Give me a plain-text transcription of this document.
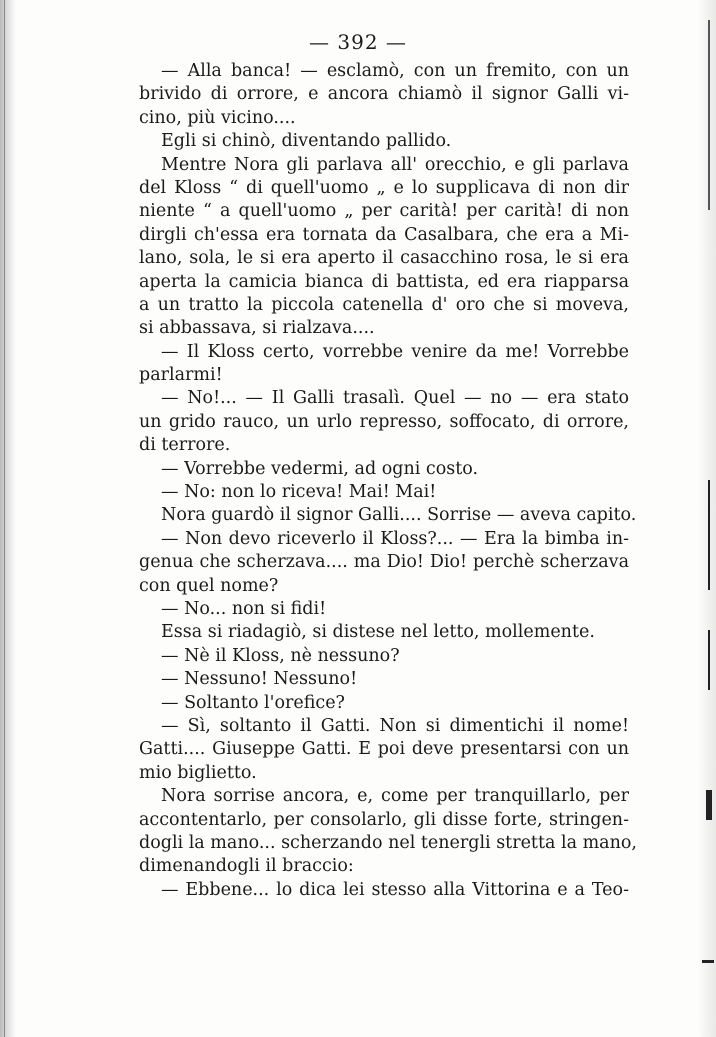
— 392 —
— Alla banca! — esclamò, con un fremito, con un
brivido di orrore, e ancora chiamò il signor Galli vi-
cino, più vicino....
Egli si chinò, diventando pallido.
Mentre Nora gli parlava all' orecchio, e gli parlava
del Kloss “ di quell'uomo „ e lo supplicava di non dir
niente “ a quell'uomo „ per carità! per carità! di non
dirgli ch'essa era tornata da Casalbara, che era a Mi-
lano, sola, le si era aperto il casacchino rosa, le si era
aperta la camicia bianca di battista, ed era riapparsa
a un tratto la piccola catenella d' oro che si moveva,
si abbassava, si rialzava....
— Il Kloss certo, vorrebbe venire da me! Vorrebbe
parlarmi!
— No!... — Il Galli trasalì. Quel — no — era stato
un grido rauco, un urlo represso, soffocato, di orrore,
di terrore.
— Vorrebbe vedermi, ad ogni costo.
— No: non lo riceva! Mai! Mai!
Nora guardò il signor Galli.... Sorrise — aveva capito.
— Non devo riceverlo il Kloss?... — Era la bimba in-
genua che scherzava.... ma Dio! Dio! perchè scherzava
con quel nome?
— No... non si fidi!
Essa si riadagiò, si distese nel letto, mollemente.
— Nè il Kloss, nè nessuno?
— Nessuno! Nessuno!
— Soltanto l'orefice?
— Sì, soltanto il Gatti. Non si dimentichi il nome!
Gatti.... Giuseppe Gatti. E poi deve presentarsi con un
mio biglietto.
Nora sorrise ancora, e, come per tranquillarlo, per
accontentarlo, per consolarlo, gli disse forte, stringen-
dogli la mano... scherzando nel tenergli stretta la mano,
dimenandogli il braccio:
— Ebbene... lo dica lei stesso alla Vittorina e a Teo-
